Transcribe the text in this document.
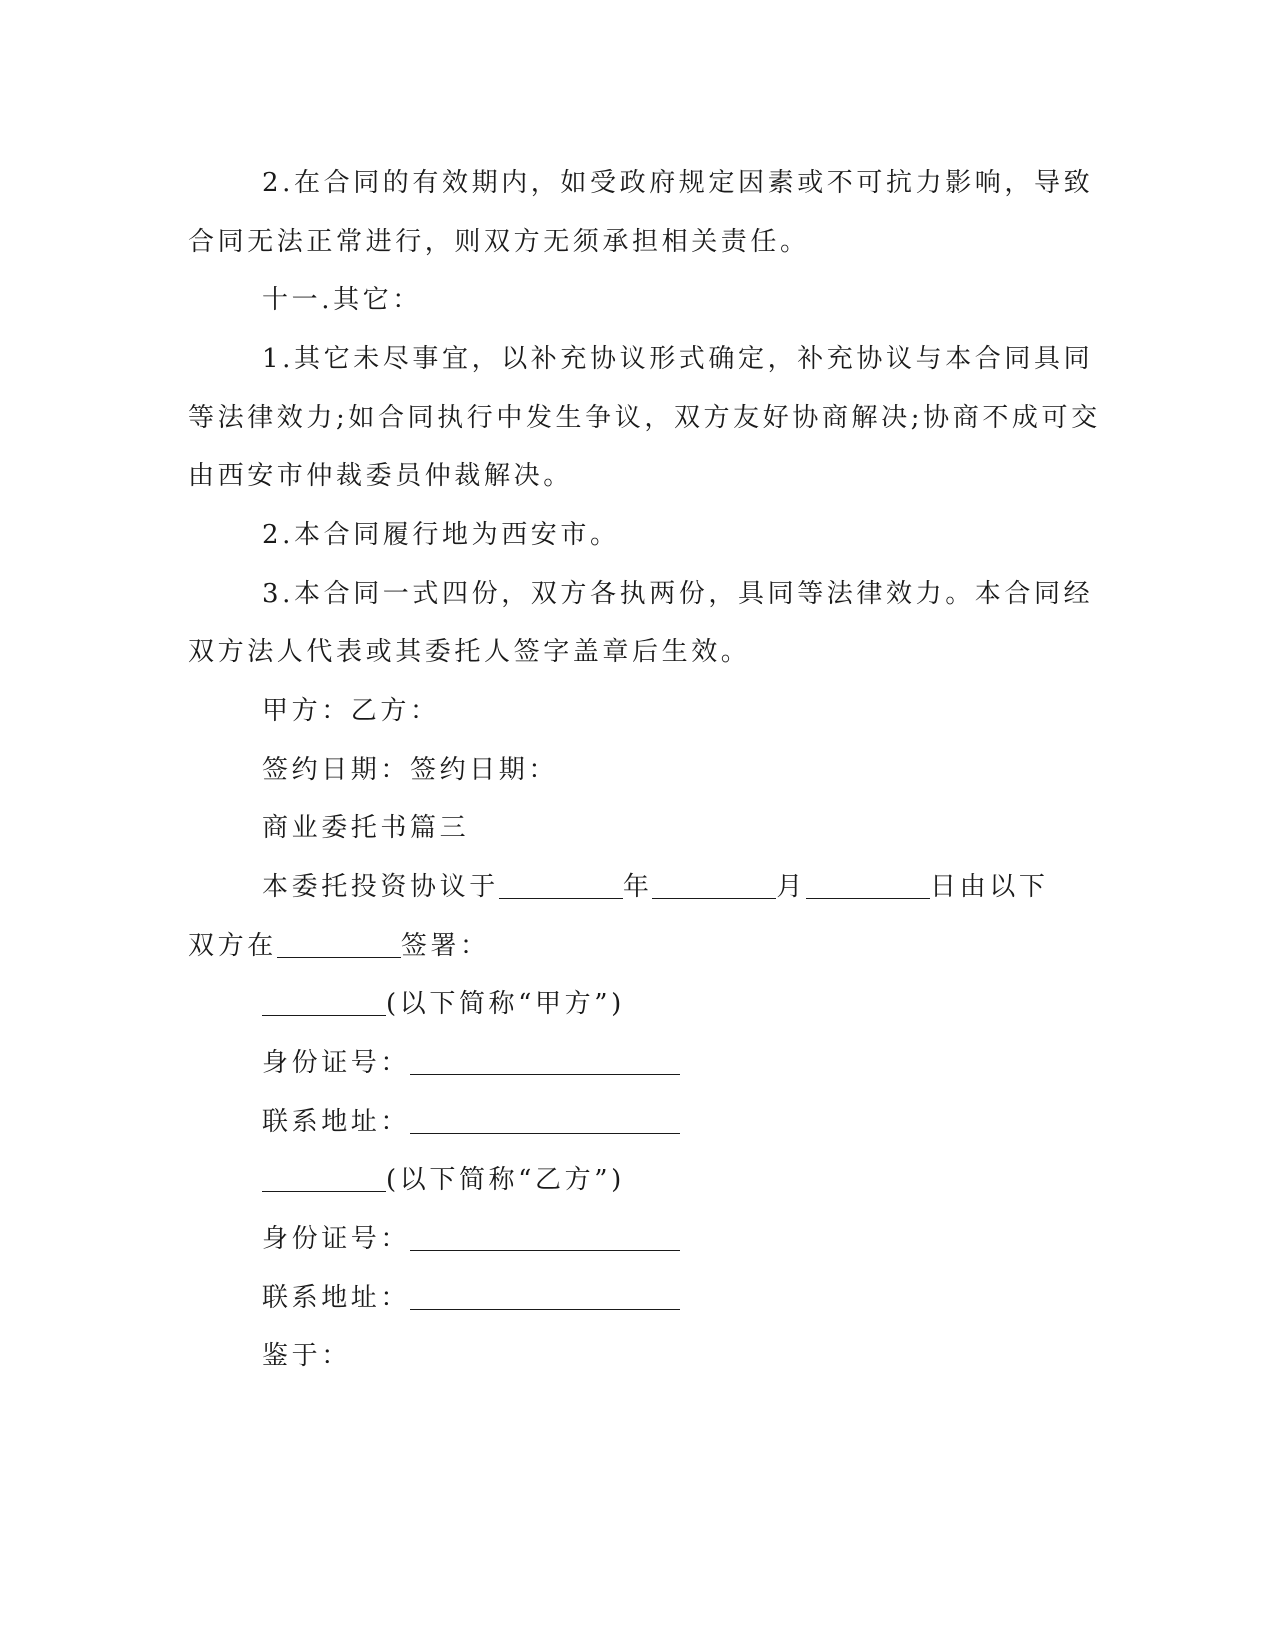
2.在合同的有效期内，如受政府规定因素或不可抗力影响，导致
合同无法正常进行，则双方无须承担相关责任。
十一.其它：
1.其它未尽事宜，以补充协议形式确定，补充协议与本合同具同
等法律效力;如合同执行中发生争议，双方友好协商解决;协商不成可交
由西安市仲裁委员仲裁解决。
2.本合同履行地为西安市。
3.本合同一式四份，双方各执两份，具同等法律效力。本合同经
双方法人代表或其委托人签字盖章后生效。
甲方：乙方：
签约日期：签约日期：
商业委托书篇三
本委托投资协议于	年	月	日由以下
双方在	签署：
(以下简称“甲方”)
身份证号：
联系地址：
(以下简称“乙方”)
身份证号：
联系地址：
鉴于：
